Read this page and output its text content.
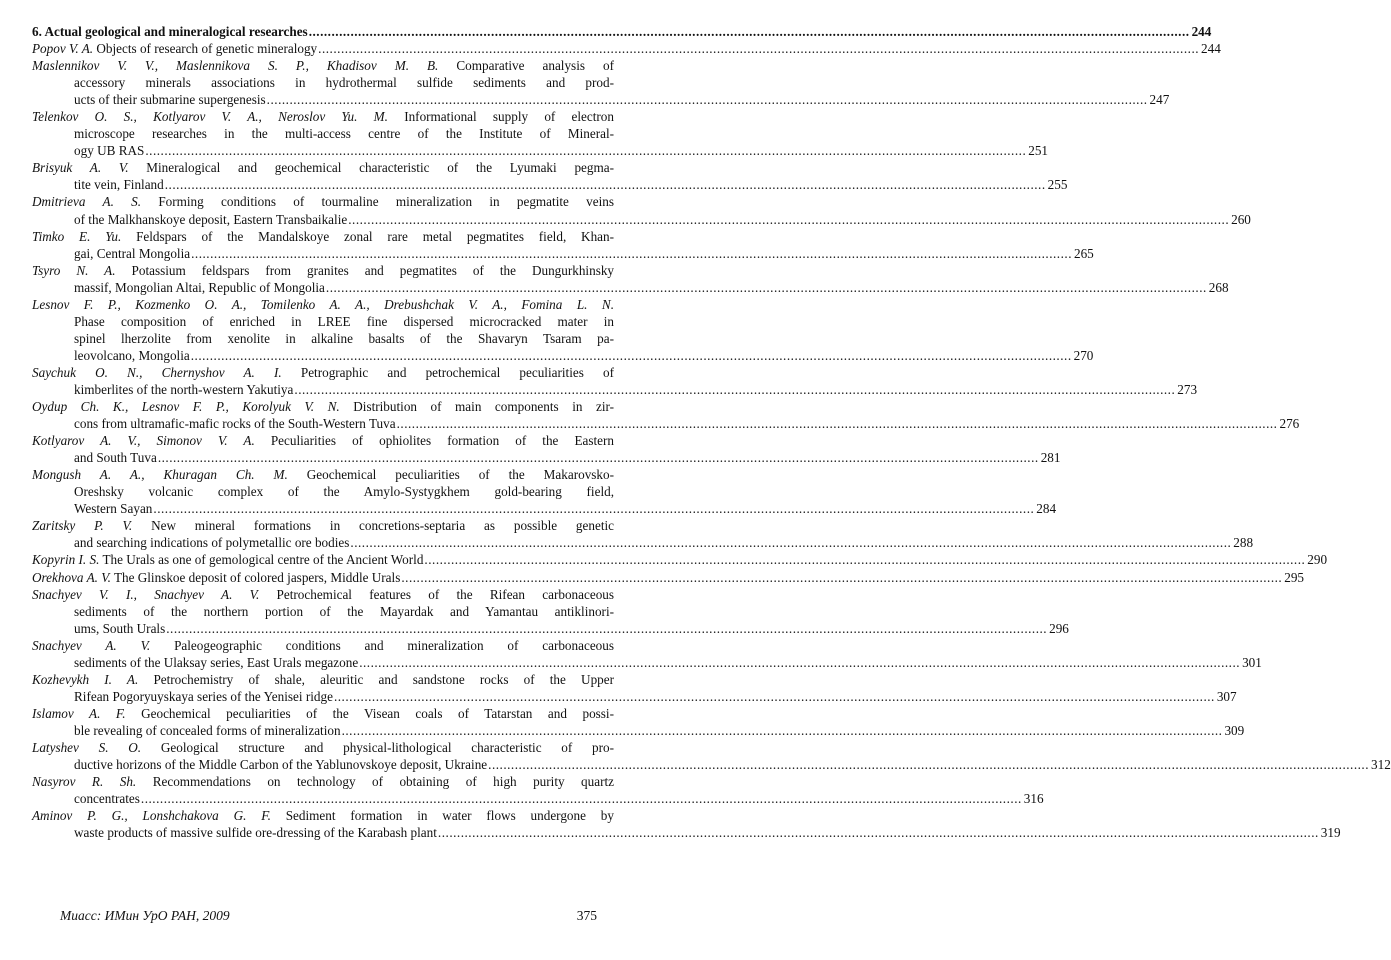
6. Actual geological and mineralogical researches .....	244
Popov V. A. Objects of research of genetic mineralogy .....	244
Maslennikov V. V., Maslennikova S. P., Khadisov M. B. Comparative analysis of
accessory minerals associations in hydrothermal sulfide sediments and prod-
ucts of their submarine supergenesis .....	247
Telenkov O. S., Kotlyarov V. A., Neroslov Yu. M. Informational supply of electron
microscope researches in the multi-access centre of the Institute of Mineral-
ogy UB RAS .....	251
Brisyuk A. V. Mineralogical and geochemical characteristic of the Lyumaki pegma-
tite vein, Finland .....	255
Dmitrieva A. S. Forming conditions of tourmaline mineralization in pegmatite veins
of the Malkhanskoye deposit, Eastern Transbaikalie .....	260
Timko E. Yu. Feldspars of the Mandalskoye zonal rare metal pegmatites field, Khan-
gai, Central Mongolia .....	265
Tsyro N. A. Potassium feldspars from granites and pegmatites of the Dungurkhinsky
massif, Mongolian Altai, Republic of Mongolia .....	268
Lesnov F. P., Kozmenko O. A., Tomilenko A. A., Drebushchak V. A., Fomina L. N.
Phase composition of enriched in LREE fine dispersed microcracked mater in
spinel lherzolite from xenolite in alkaline basalts of the Shavaryn Tsaram pa-
leovolcano, Mongolia .....	270
Saychuk O. N., Chernyshov A. I. Petrographic and petrochemical peculiarities of
kimberlites of the north-western Yakutiya .....	273
Oydup Ch. K., Lesnov F. P., Korolyuk V. N. Distribution of main components in zir-
cons from ultramafic-mafic rocks of the South-Western Tuva .....	276
Kotlyarov A. V., Simonov V. A. Peculiarities of ophiolites formation of the Eastern
and South Tuva .....	281
Mongush A. A., Khuragan Ch. M. Geochemical peculiarities of the Makarovsko-
Oreshsky volcanic complex of the Amylo-Systygkhem gold-bearing field,
Western Sayan .....	284
Zaritsky P. V. New mineral formations in concretions-septaria as possible genetic
and searching indications of polymetallic ore bodies .....	288
Kopyrin I. S. The Urals as one of gemological centre of the Ancient World .....	290
Orekhova A. V. The Glinskoe deposit of colored jaspers, Middle Urals .....	295
Snachyev V. I., Snachyev A. V. Petrochemical features of the Rifean carbonaceous
sediments of the northern portion of the Mayardak and Yamantau antiklinori-
ums, South Urals .....	296
Snachyev A. V. Paleogeographic conditions and mineralization of carbonaceous
sediments of the Ulaksay series, East Urals megazone .....	301
Kozhevykh I. A. Petrochemistry of shale, aleuritic and sandstone rocks of the Upper
Rifean Pogoryuyskaya series of the Yenisei ridge .....	307
Islamov A. F. Geochemical peculiarities of the Visean coals of Tatarstan and possi-
ble revealing of concealed forms of mineralization .....	309
Latyshev S. O. Geological structure and physical-lithological characteristic of pro-
ductive horizons of the Middle Carbon of the Yablunovskoye deposit, Ukraine .....	312
Nasyrov R. Sh. Recommendations on technology of obtaining of high purity quartz
concentrates .....	316
Aminov P. G., Lonshchakova G. F. Sediment formation in water flows undergone by
waste products of massive sulfide ore-dressing of the Karabash plant .....	319
Миасс: ИМин УрО РАН, 2009	375
